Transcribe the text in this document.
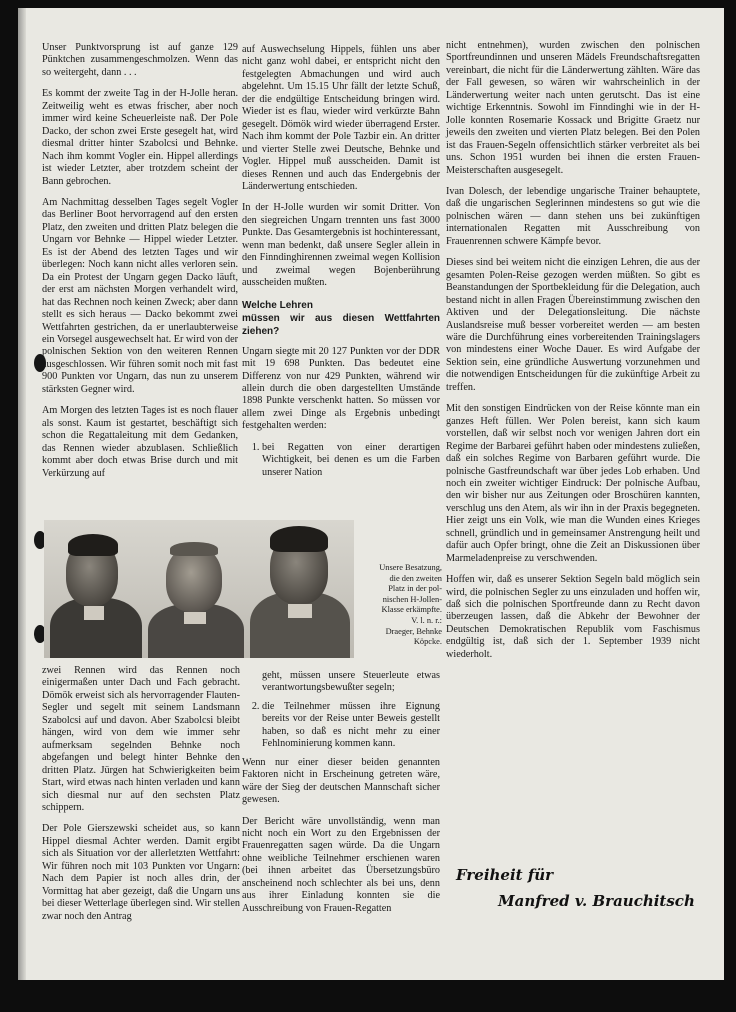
Unser Punktvorsprung ist auf ganze 129 Pünktchen zusammengeschmolzen. Wenn das so weitergeht, dann . . .

Es kommt der zweite Tag in der H-Jolle heran. Zeitweilig weht es etwas frischer, aber noch immer wird keine Scheuerleiste naß. Der Pole Dacko, der schon zwei Erste gesegelt hat, wird diesmal dritter hinter Szabolcsi und Behnke. Nach ihm kommt Vogler ein. Hippel allerdings ist wieder Letzter, aber trotzdem scheint der Bann gebrochen.

Am Nachmittag desselben Tages segelt Vogler das Berliner Boot hervorragend auf den ersten Platz, den zweiten und dritten Platz belegen die Ungarn vor Behnke — Hippel wieder Letzter. Es ist der Abend des letzten Tages und wir überlegen: Noch kann nicht alles verloren sein. Da ein Protest der Ungarn gegen Dacko läuft, der erst am nächsten Morgen verhandelt wird, hat das Rechnen noch keinen Zweck; aber dann stellt es sich heraus — Dacko bekommt zwei Wettfahrten gestrichen, da er unerlaubterweise ein Vorsegel ausgewechselt hat. Er wird von der polnischen Sektion von den weiteren Rennen ausgeschlossen. Wir führen somit noch mit fast 900 Punkten vor Ungarn, das nun zu unserem stärksten Gegner wird.

Am Morgen des letzten Tages ist es noch flauer als sonst. Kaum ist gestartet, beschäftigt sich schon die Regattaleitung mit dem Gedanken, das Rennen wieder abzublasen. Schließlich kommt aber doch etwas Brise durch und mit Verkürzung auf

auf Auswechselung Hippels, fühlen uns aber nicht ganz wohl dabei, er entspricht nicht den festgelegten Abmachungen und wird auch abgelehnt. Um 15.15 Uhr fällt der letzte Schuß, der die endgültige Entscheidung bringen wird. Wieder ist es flau, wieder wird verkürzte Bahn gesegelt. Dömök wird wieder überragend Erster. Nach ihm kommt der Pole Tazbir ein. An dritter und vierter Stelle zwei Deutsche, Behnke und Vogler. Hippel muß ausscheiden. Damit ist dieses Rennen und auch das Endergebnis der Länderwertung entschieden.

In der H-Jolle wurden wir somit Dritter. Von den siegreichen Ungarn trennten uns fast 3000 Punkte. Das Gesamtergebnis ist hochinteressant, wenn man bedenkt, daß unsere Segler allein in den Finndinghirennen zweimal wegen Kollision und zweimal wegen Bojenberührung ausscheiden mußten.

Welche Lehren
müssen wir aus diesen Wettfahrten ziehen?

Ungarn siegte mit 20 127 Punkten vor der DDR mit 19 698 Punkten. Das bedeutet eine Differenz von nur 429 Punkten, während wir allein durch die oben dargestellten Umstände 1898 Punkte verschenkt hatten. So müssen vor allem zwei Dinge als Ergebnis unbedingt festgehalten werden:

1. bei Regatten von einer derartigen Wichtigkeit, bei denen es um die Farben unserer Nation

nicht entnehmen), wurden zwischen den polnischen Sportfreundinnen und unseren Mädels Freundschaftsregatten vereinbart, die nicht für die Länderwertung zählten. Wäre das der Fall gewesen, so wären wir wahrscheinlich in der Länderwertung weiter nach unten gerutscht. Das ist eine wichtige Erkenntnis. Sowohl im Finndinghi wie in der H-Jolle konnten Rosemarie Kossack und Brigitte Graetz nur jeweils den zweiten und vierten Platz belegen. Bei den Polen ist das Frauen-Segeln offensichtlich stärker verbreitet als bei uns. Schon 1951 wurden bei ihnen die ersten Frauen-Meisterschaften ausgesegelt.

Ivan Dolesch, der lebendige ungarische Trainer behauptete, daß die ungarischen Seglerinnen mindestens so gut wie die polnischen wären — dann stehen uns bei zukünftigen internationalen Regatten mit Ausschreibung von Frauenrennen schwere Kämpfe bevor.

Dieses sind bei weitem nicht die einzigen Lehren, die aus der gesamten Polen-Reise gezogen werden müßten. So gibt es Beanstandungen der Sportbekleidung für die Delegation, auch bestand nicht in allen Fragen Übereinstimmung zwischen den Aktiven und der Delegationsleitung. Die nächste Auslandsreise muß besser vorbereitet werden — am besten wäre die Durchführung eines vorbereitenden Trainingslagers von mindestens einer Woche Dauer. Es wird Aufgabe der Sektion sein, eine gründliche Auswertung vorzunehmen und die notwendigen Entscheidungen für die zukünftige Arbeit zu treffen.

Mit den sonstigen Eindrücken von der Reise könnte man ein ganzes Heft füllen. Wer Polen bereist, kann sich kaum vorstellen, daß wir selbst noch vor wenigen Jahren dort ein Regime der Barbarei geführt haben oder mindestens zuließen, daß ein solches Regime von Barbaren geführt wurde. Die polnische Gastfreundschaft war über jedes Lob erhaben. Und noch ein zweiter wichtiger Eindruck: Der polnische Aufbau, den wir bisher nur aus Zeitungen oder Broschüren kannten, verschlug uns den Atem, als wir ihn in der Praxis begegneten. Hier zeigt uns ein Volk, wie man die Wunden eines Krieges schnell, gründlich und in gemeinsamer Anstrengung heilt und dafür auch Opfer bringt, ohne die Zeit an Diskussionen über Marmeladenpreise zu verschwenden.

Hoffen wir, daß es unserer Sektion Segeln bald möglich sein wird, die polnischen Segler zu uns einzuladen und hoffen wir, daß sich die polnischen Sportfreunde dann zu Recht davon überzeugen lassen, daß die Abkehr der Bewohner der Deutschen Demokratischen Republik vom Faschismus endgültig ist, daß sich der 1. September 1939 nicht wiederholt.

Unsere Besatzung,
die den zweiten
Platz in der pol-
nischen H-Jollen-
Klasse erkämpfte.
V. l. n. r.:
Draeger, Behnke
Köpcke.

zwei Rennen wird das Rennen noch einigermaßen unter Dach und Fach gebracht. Dömök erweist sich als hervorragender Flauten-Segler und segelt mit seinem Landsmann Szabolcsi auf und davon. Aber Szabolcsi bleibt hängen, wird von dem wie immer sehr aufmerksam segelnden Behnke noch abgefangen und belegt hinter Behnke den dritten Platz. Jürgen hat Schwierigkeiten beim Start, wird etwas nach hinten verladen und kann sich diesmal nur auf den sechsten Platz schippern.

Der Pole Gierszewski scheidet aus, so kann Hippel diesmal Achter werden. Damit ergibt sich als Situation vor der allerletzten Wettfahrt: Wir führen noch mit 103 Punkten vor Ungarn: Nach dem Papier ist noch alles drin, der Vormittag hat aber gezeigt, daß die Ungarn uns bei dieser Wetterlage überlegen sind. Wir stellen zwar noch den Antrag

geht, müssen unsere Steuerleute etwas verantwortungsbewußter segeln;

2. die Teilnehmer müssen ihre Eignung bereits vor der Reise unter Beweis gestellt haben, so daß es nicht mehr zu einer Fehlnominierung kommen kann.

Wenn nur einer dieser beiden genannten Faktoren nicht in Erscheinung getreten wäre, wäre der Sieg der deutschen Mannschaft sicher gewesen.

Der Bericht wäre unvollständig, wenn man nicht noch ein Wort zu den Ergebnissen der Frauenregatten sagen würde. Da die Ungarn ohne weibliche Teilnehmer erschienen waren (bei ihnen arbeitet das Übersetzungsbüro anscheinend noch schlechter als bei uns, denn aus ihrer Einladung konnten sie die Ausschreibung von Frauen-Regatten

Freiheit für
Manfred v. Brauchitsch
